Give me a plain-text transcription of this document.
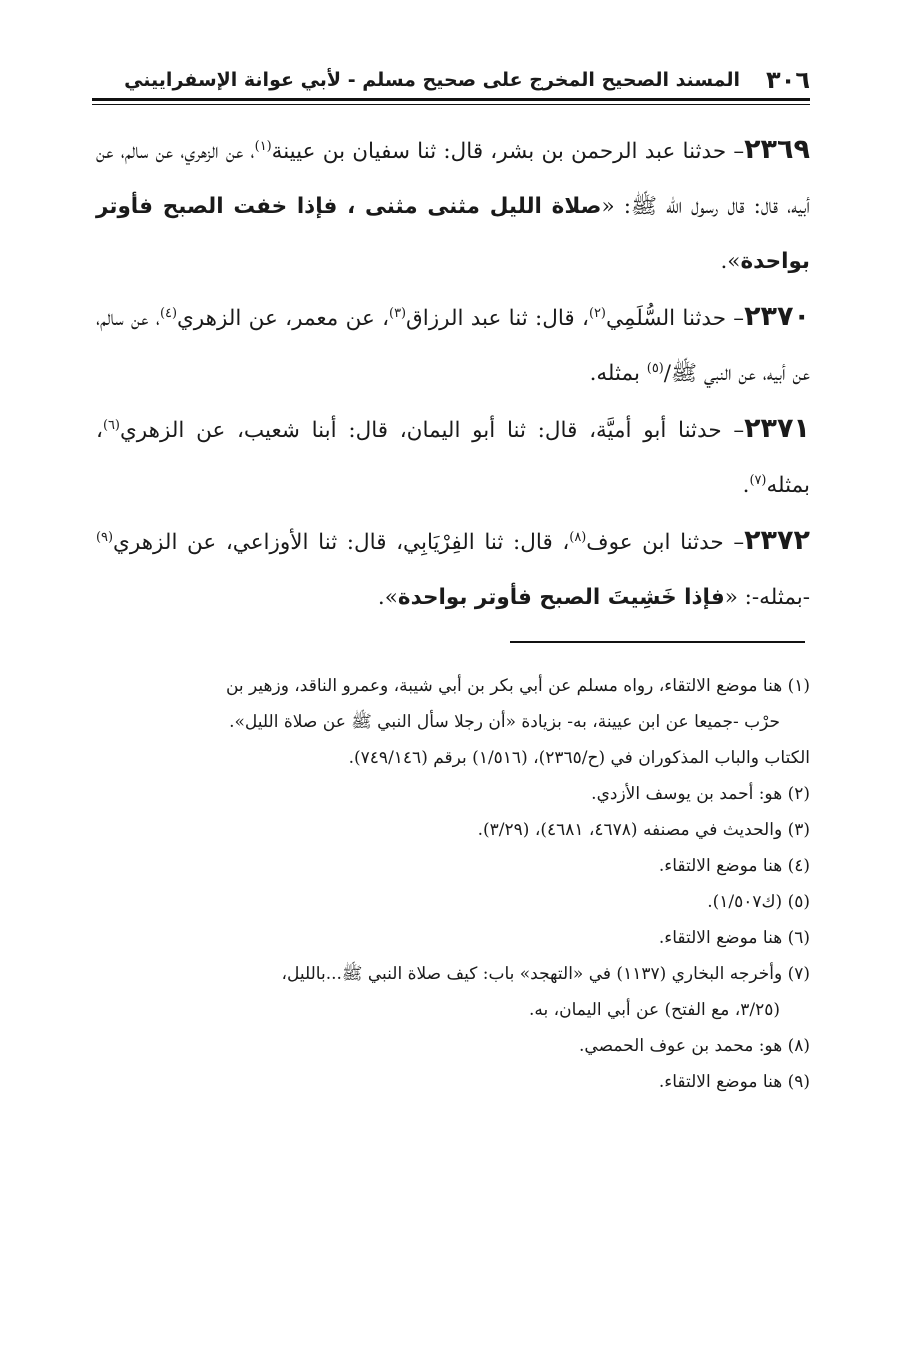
٣٠٦
المسند الصحيح المخرج على صحيح مسلم - لأبي عوانة الإسفراييني

٢٣٦٩– حدثنا عبد الرحمن بن بشر، قال: ثنا سفيان بن عيينة$^{(١)}$، عن الزهري، عن سالم، عن أبيه، قال: قال رسول الله ﷺ: «صلاة الليل مثنى مثنى ، فإذا خفت الصبح فأوتر بواحدة».

٢٣٧٠– حدثنا السُّلَمِي$^{(٢)}$، قال: ثنا عبد الرزاق$^{(٣)}$، عن معمر، عن الزهري$^{(٤)}$، عن سالم، عن أبيه، عن النبي ﷺ/$^{(٥)}$ بمثله.

٢٣٧١– حدثنا أبو أميَّة، قال: ثنا أبو اليمان، قال: أبنا شعيب، عن الزهري$^{(٦)}$، بمثله$^{(٧)}$.

٢٣٧٢– حدثنا ابن عوف$^{(٨)}$، قال: ثنا الفِرْيَابِي، قال: ثنا الأوزاعي، عن الزهري$^{(٩)}$ -بمثله-: «فإذا خَشِيتَ الصبح فأوتر بواحدة».

(١) هنا موضع الالتقاء، رواه مسلم عن أبي بكر بن أبي شيبة، وعمرو الناقد، وزهير بن
حرْب -جميعا عن ابن عيينة، به- بزيادة «أن رجلا سأل النبي ﷺ عن صلاة الليل».
الكتاب والباب المذكوران في (ح/٢٣٦٥)، (١/٥١٦) برقم (٧٤٩/١٤٦).
(٢) هو: أحمد بن يوسف الأزدي.
(٣) والحديث في مصنفه (٤٦٧٨، ٤٦٨١)، (٣/٢٩).
(٤) هنا موضع الالتقاء.
(٥) (ك١/٥٠٧).
(٦) هنا موضع الالتقاء.
(٧) وأخرجه البخاري (١١٣٧) في «التهجد» باب: كيف صلاة النبي ﷺ...بالليل،
(٣/٢٥، مع الفتح) عن أبي اليمان، به.
(٨) هو: محمد بن عوف الحمصي.
(٩) هنا موضع الالتقاء.
